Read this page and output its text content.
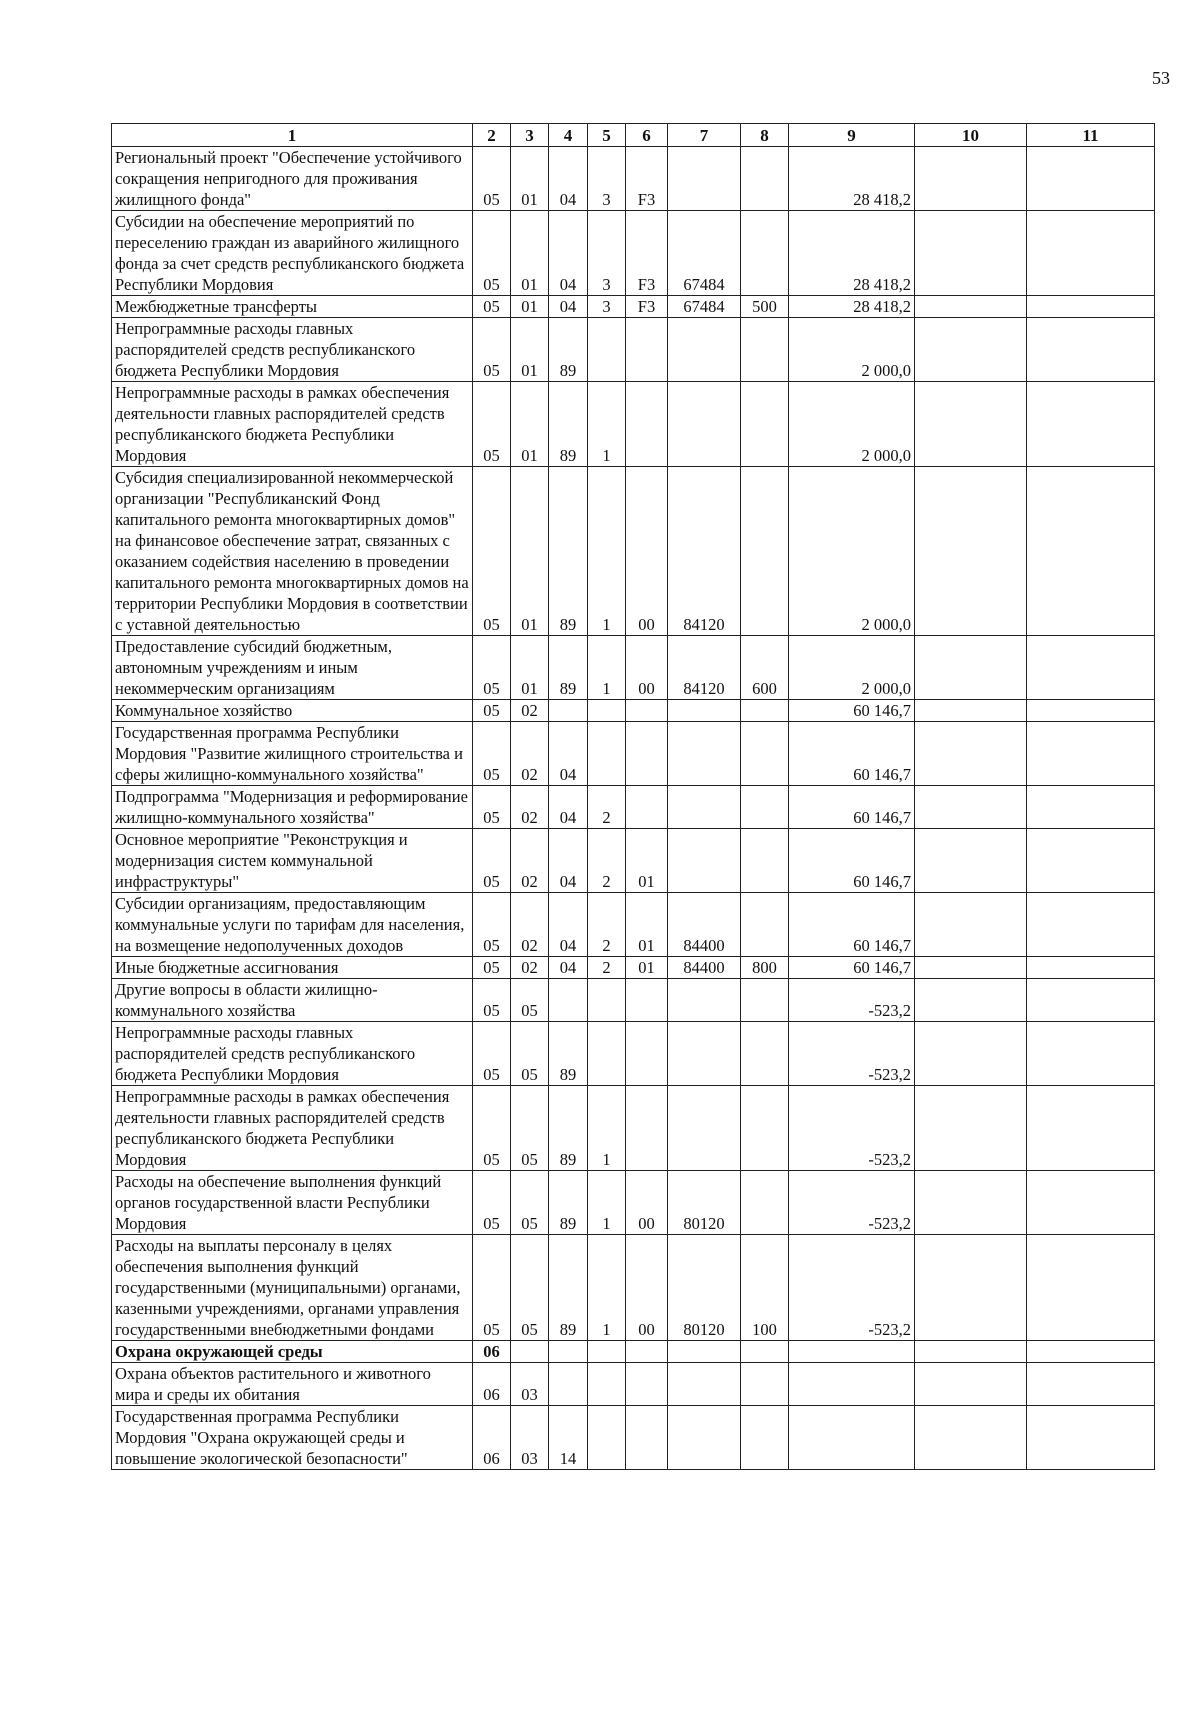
53
1	2	3	4	5	6	7	8	9	10	11
Региональный проект "Обеспечение устойчивого сокращения непригодного для проживания жилищного фонда"	05	01	04	3	F3			28 418,2		
Субсидии на обеспечение мероприятий по переселению граждан из аварийного жилищного фонда за счет средств республиканского бюджета Республики Мордовия	05	01	04	3	F3	67484		28 418,2		
Межбюджетные трансферты	05	01	04	3	F3	67484	500	28 418,2		
Непрограммные расходы главных распорядителей средств республиканского бюджета Республики Мордовия	05	01	89					2 000,0		
Непрограммные расходы в рамках обеспечения деятельности главных распорядителей средств республиканского бюджета Республики Мордовия	05	01	89	1				2 000,0		
Субсидия специализированной некоммерческой организации "Республиканский Фонд капитального ремонта многоквартирных домов" на финансовое обеспечение затрат, связанных с оказанием содействия населению в проведении капитального ремонта многоквартирных домов на территории Республики Мордовия в соответствии с уставной деятельностью	05	01	89	1	00	84120		2 000,0		
Предоставление субсидий бюджетным, автономным учреждениям и иным некоммерческим организациям	05	01	89	1	00	84120	600	2 000,0		
Коммунальное хозяйство	05	02						60 146,7		
Государственная программа Республики Мордовия "Развитие жилищного строительства и сферы жилищно-коммунального хозяйства"	05	02	04					60 146,7		
Подпрограмма "Модернизация и реформирование жилищно-коммунального хозяйства"	05	02	04	2				60 146,7		
Основное мероприятие "Реконструкция и модернизация систем коммунальной инфраструктуры"	05	02	04	2	01			60 146,7		
Субсидии организациям, предоставляющим коммунальные услуги по тарифам для населения, на возмещение недополученных доходов	05	02	04	2	01	84400		60 146,7		
Иные бюджетные ассигнования	05	02	04	2	01	84400	800	60 146,7		
Другие вопросы в области жилищно-коммунального хозяйства	05	05						-523,2		
Непрограммные расходы главных распорядителей средств республиканского бюджета Республики Мордовия	05	05	89					-523,2		
Непрограммные расходы в рамках обеспечения деятельности главных распорядителей средств республиканского бюджета Республики Мордовия	05	05	89	1				-523,2		
Расходы на обеспечение выполнения функций органов государственной власти Республики Мордовия	05	05	89	1	00	80120		-523,2		
Расходы на выплаты персоналу в целях обеспечения выполнения функций государственными (муниципальными) органами, казенными учреждениями, органами управления государственными внебюджетными фондами	05	05	89	1	00	80120	100	-523,2		
Охрана окружающей среды	06									
Охрана объектов растительного и животного мира и среды их обитания	06	03								
Государственная программа Республики Мордовия "Охрана окружающей среды и повышение экологической безопасности"	06	03	14							
